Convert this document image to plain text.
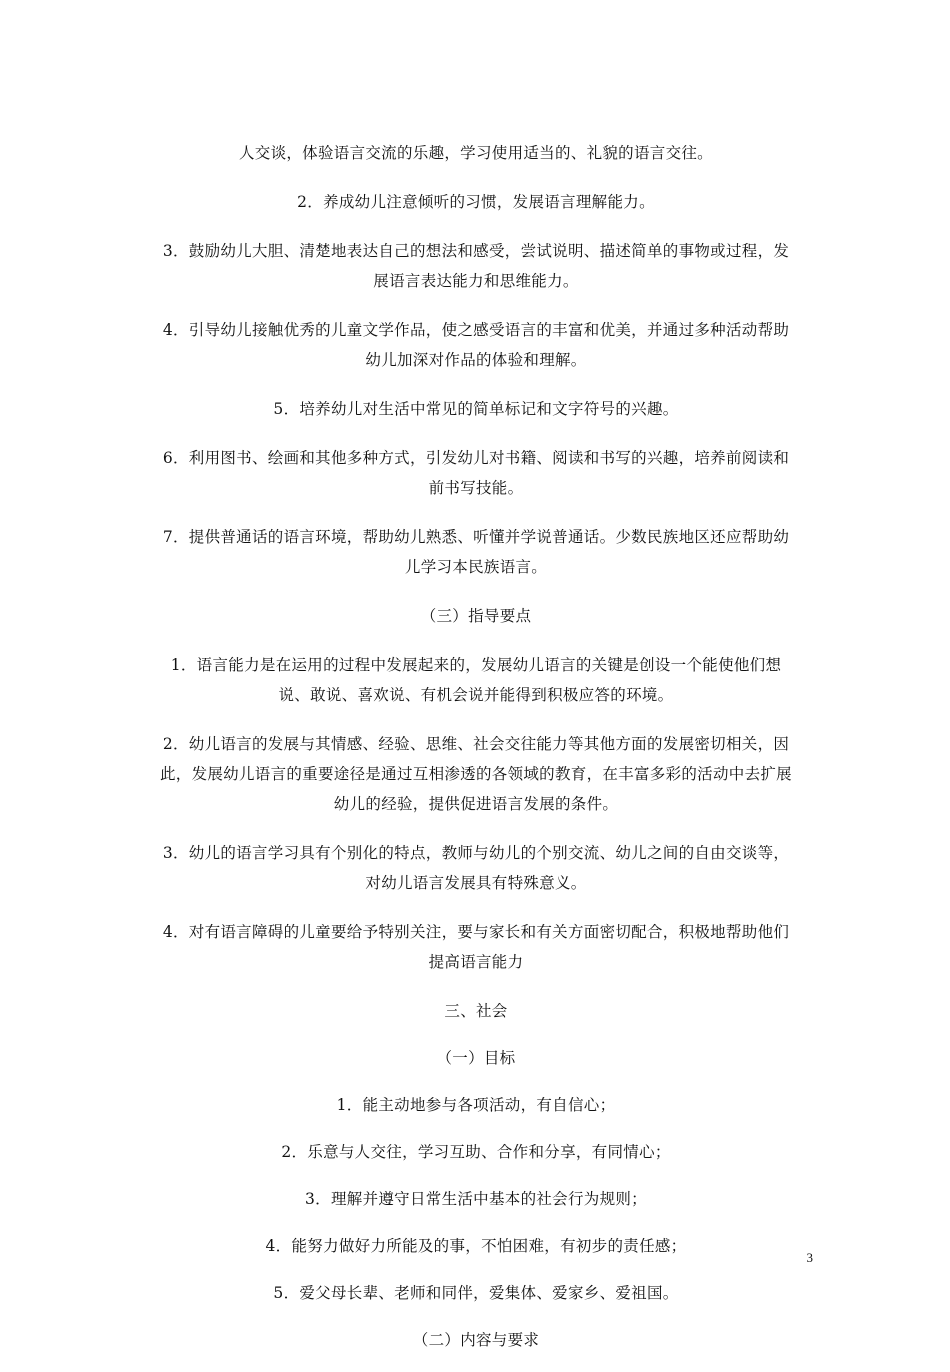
人交谈，体验语言交流的乐趣，学习使用适当的、礼貌的语言交往。

2．养成幼儿注意倾听的习惯，发展语言理解能力。

3．鼓励幼儿大胆、清楚地表达自己的想法和感受，尝试说明、描述简单的事物或过程，发展语言表达能力和思维能力。

4．引导幼儿接触优秀的儿童文学作品，使之感受语言的丰富和优美，并通过多种活动帮助幼儿加深对作品的体验和理解。

5．培养幼儿对生活中常见的简单标记和文字符号的兴趣。

6．利用图书、绘画和其他多种方式，引发幼儿对书籍、阅读和书写的兴趣，培养前阅读和前书写技能。

7．提供普通话的语言环境，帮助幼儿熟悉、听懂并学说普通话。少数民族地区还应帮助幼儿学习本民族语言。

（三）指导要点

1．语言能力是在运用的过程中发展起来的，发展幼儿语言的关键是创设一个能使他们想说、敢说、喜欢说、有机会说并能得到积极应答的环境。

2．幼儿语言的发展与其情感、经验、思维、社会交往能力等其他方面的发展密切相关，因此，发展幼儿语言的重要途径是通过互相渗透的各领域的教育，在丰富多彩的活动中去扩展幼儿的经验，提供促进语言发展的条件。

3．幼儿的语言学习具有个别化的特点，教师与幼儿的个别交流、幼儿之间的自由交谈等，对幼儿语言发展具有特殊意义。

4．对有语言障碍的儿童要给予特别关注，要与家长和有关方面密切配合，积极地帮助他们提高语言能力

三、社会

（一）目标

1．能主动地参与各项活动，有自信心；

2．乐意与人交往，学习互助、合作和分享，有同情心；

3．理解并遵守日常生活中基本的社会行为规则；

4．能努力做好力所能及的事，不怕困难，有初步的责任感；

5．爱父母长辈、老师和同伴，爱集体、爱家乡、爱祖国。

（二）内容与要求

3
